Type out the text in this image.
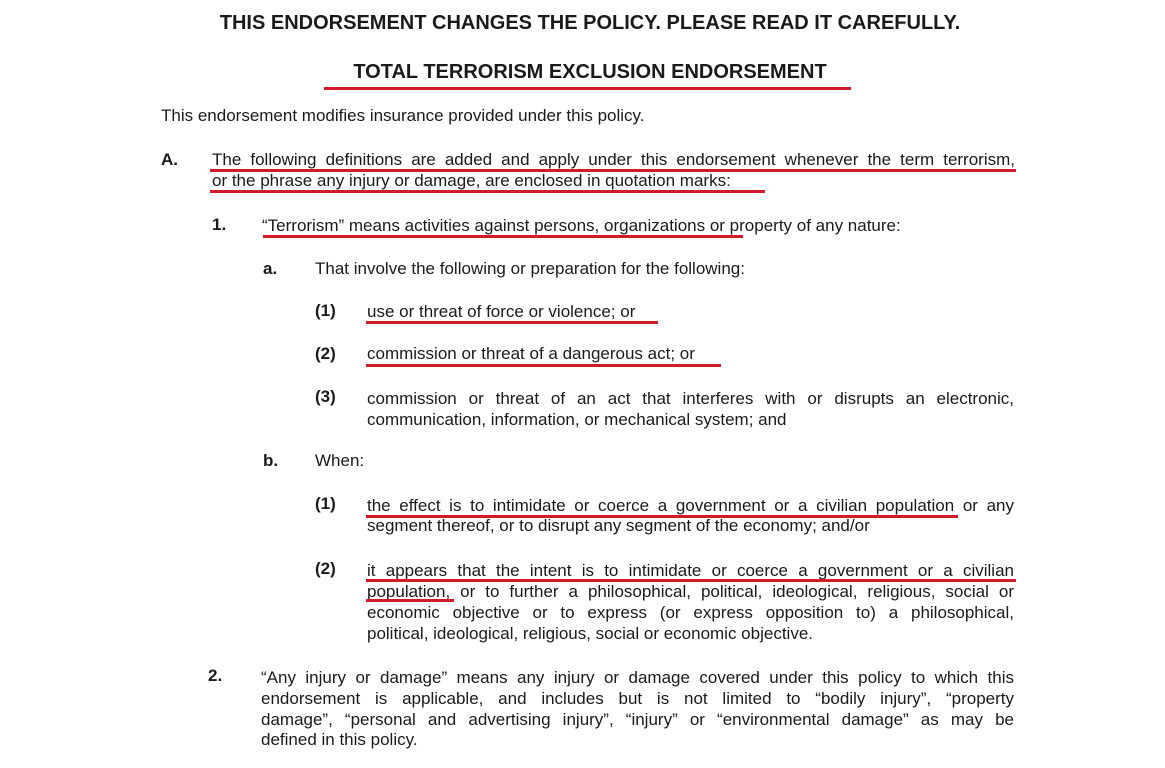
THIS ENDORSEMENT CHANGES THE POLICY. PLEASE READ IT CAREFULLY.
TOTAL TERRORISM EXCLUSION ENDORSEMENT
This endorsement modifies insurance provided under this policy.
A. The following definitions are added and apply under this endorsement whenever the term terrorism,
or the phrase any injury or damage, are enclosed in quotation marks:
1. “Terrorism” means activities against persons, organizations or property of any nature:
a. That involve the following or preparation for the following:
(1) use or threat of force or violence; or
(2) commission or threat of a dangerous act; or
(3) commission or threat of an act that interferes with or disrupts an electronic,
communication, information, or mechanical system; and
b. When:
(1) the effect is to intimidate or coerce a government or a civilian population or any
segment thereof, or to disrupt any segment of the economy; and/or
(2) it appears that the intent is to intimidate or coerce a government or a civilian
population, or to further a philosophical, political, ideological, religious, social or
economic objective or to express (or express opposition to) a philosophical,
political, ideological, religious, social or economic objective.
2. “Any injury or damage” means any injury or damage covered under this policy to which this
endorsement is applicable, and includes but is not limited to “bodily injury”, “property
damage”, “personal and advertising injury”, “injury” or “environmental damage” as may be
defined in this policy.
